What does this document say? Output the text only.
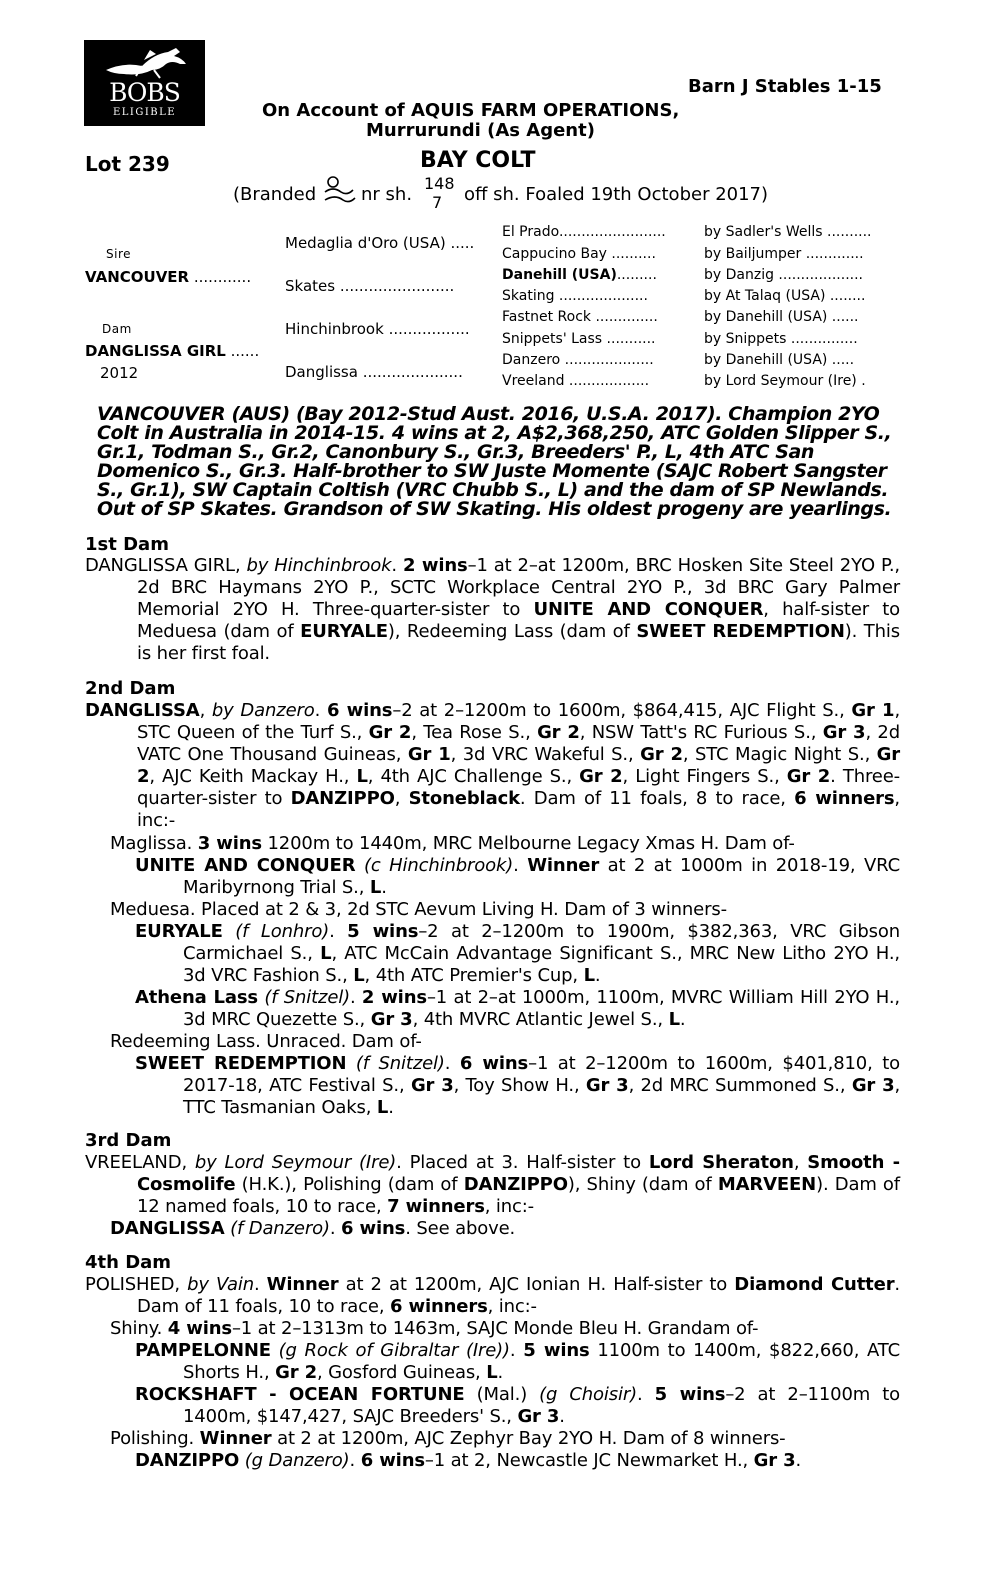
BOBS
ELIGIBLE
Barn J Stables 1-15
On Account of AQUIS FARM OPERATIONS,
Murrurundi (As Agent)
Lot 239	BAY COLT
(Branded nr sh.
148
7 off sh. Foaled 19th October 2017)
Sire
VANCOUVER ............
Dam
DANGLISSA GIRL ......
2012
Medaglia d'Oro (USA) .....
Skates ........................
Hinchinbrook .................
Danglissa .....................
El Prado........................
Cappucino Bay ..........
Danehill (USA).........
Skating ....................
Fastnet Rock ..............
Snippets' Lass ...........
Danzero ....................
Vreeland ..................
by Sadler's Wells ..........
by Bailjumper .............
by Danzig ...................
by At Talaq (USA) ........
by Danehill (USA) ......
by Snippets ...............
by Danehill (USA) .....
by Lord Seymour (Ire) .
VANCOUVER (AUS) (Bay 2012-Stud Aust. 2016, U.S.A. 2017). Champion 2YO Colt in Australia in 2014-15. 4 wins at 2, A$2,368,250, ATC Golden Slipper S., Gr.1, Todman S., Gr.2, Canonbury S., Gr.3, Breeders' P., L, 4th ATC San Domenico S., Gr.3. Half-brother to SW Juste Momente (SAJC Robert Sangster S., Gr.1), SW Captain Coltish (VRC Chubb S., L) and the dam of SP Newlands. Out of SP Skates. Grandson of SW Skating. His oldest progeny are yearlings.
1st Dam
DANGLISSA GIRL, by Hinchinbrook. 2 wins–1 at 2–at 1200m, BRC Hosken Site Steel 2YO P., 2d BRC Haymans 2YO P., SCTC Workplace Central 2YO P., 3d BRC Gary Palmer Memorial 2YO H. Three-quarter-sister to UNITE AND CONQUER, half-sister to Meduesa (dam of EURYALE), Redeeming Lass (dam of SWEET REDEMPTION). This is her first foal.
2nd Dam
DANGLISSA, by Danzero. 6 wins–2 at 2–1200m to 1600m, $864,415, AJC Flight S., Gr 1, STC Queen of the Turf S., Gr 2, Tea Rose S., Gr 2, NSW Tatt's RC Furious S., Gr 3, 2d VATC One Thousand Guineas, Gr 1, 3d VRC Wakeful S., Gr 2, STC Magic Night S., Gr 2, AJC Keith Mackay H., L, 4th AJC Challenge S., Gr 2, Light Fingers S., Gr 2. Three-quarter-sister to DANZIPPO, Stoneblack. Dam of 11 foals, 8 to race, 6 winners, inc:-
Maglissa. 3 wins 1200m to 1440m, MRC Melbourne Legacy Xmas H. Dam of-
UNITE AND CONQUER (c Hinchinbrook). Winner at 2 at 1000m in 2018-19, VRC Maribyrnong Trial S., L.
Meduesa. Placed at 2 & 3, 2d STC Aevum Living H. Dam of 3 winners-
EURYALE (f Lonhro). 5 wins–2 at 2–1200m to 1900m, $382,363, VRC Gibson Carmichael S., L, ATC McCain Advantage Significant S., MRC New Litho 2YO H., 3d VRC Fashion S., L, 4th ATC Premier's Cup, L.
Athena Lass (f Snitzel). 2 wins–1 at 2–at 1000m, 1100m, MVRC William Hill 2YO H., 3d MRC Quezette S., Gr 3, 4th MVRC Atlantic Jewel S., L.
Redeeming Lass. Unraced. Dam of-
SWEET REDEMPTION (f Snitzel). 6 wins–1 at 2–1200m to 1600m, $401,810, to 2017-18, ATC Festival S., Gr 3, Toy Show H., Gr 3, 2d MRC Summoned S., Gr 3, TTC Tasmanian Oaks, L.
3rd Dam
VREELAND, by Lord Seymour (Ire). Placed at 3. Half-sister to Lord Sheraton, Smooth - Cosmolife (H.K.), Polishing (dam of DANZIPPO), Shiny (dam of MARVEEN). Dam of 12 named foals, 10 to race, 7 winners, inc:-
DANGLISSA (f Danzero). 6 wins. See above.
4th Dam
POLISHED, by Vain. Winner at 2 at 1200m, AJC Ionian H. Half-sister to Diamond Cutter. Dam of 11 foals, 10 to race, 6 winners, inc:-
Shiny. 4 wins–1 at 2–1313m to 1463m, SAJC Monde Bleu H. Grandam of-
PAMPELONNE (g Rock of Gibraltar (Ire)). 5 wins 1100m to 1400m, $822,660, ATC Shorts H., Gr 2, Gosford Guineas, L.
ROCKSHAFT - OCEAN FORTUNE (Mal.) (g Choisir). 5 wins–2 at 2–1100m to 1400m, $147,427, SAJC Breeders' S., Gr 3.
Polishing. Winner at 2 at 1200m, AJC Zephyr Bay 2YO H. Dam of 8 winners-
DANZIPPO (g Danzero). 6 wins–1 at 2, Newcastle JC Newmarket H., Gr 3.
